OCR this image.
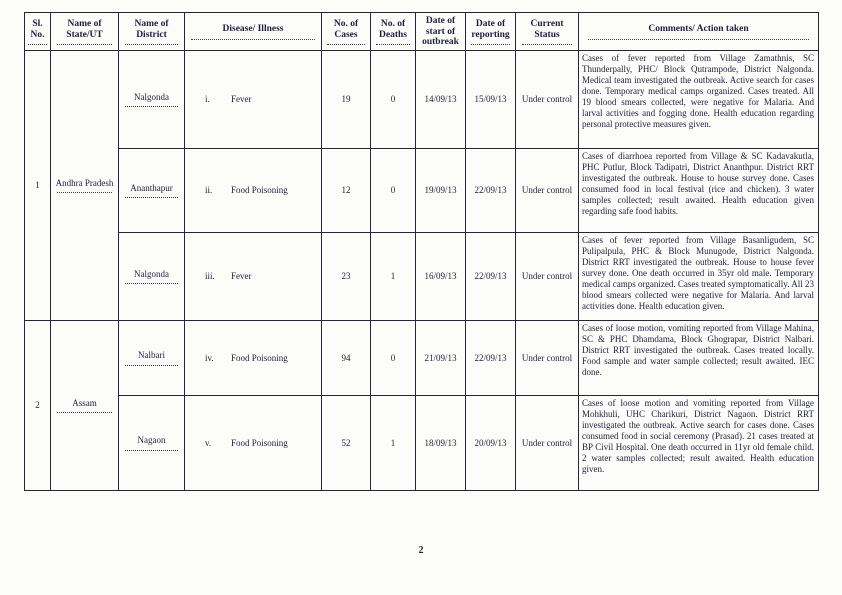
Sl. No.	Name of State/UT	Name of District	Disease/ Illness	No. of Cases	No. of Deaths	Date of start of outbreak	Date of reporting	Current Status	Comments/ Action taken

1	Andhra Pradesh	Nalgonda	i. Fever	19	0	14/09/13	15/09/13	Under control	Cases of fever reported from Village Zamathnis, SC Thunderpally, PHC/ Block Qutrampode, District Nalgonda. Medical team investigated the outbreak. Active search for cases done. Temporary medical camps organized. Cases treated. All 19 blood smears collected, were negative for Malaria. And larval activities and fogging done. Health education regarding personal protective measures given.
		Ananthapur	ii. Food Poisoning	12	0	19/09/13	22/09/13	Under control	Cases of diarrhoea reported from Village & SC Kadavakutla, PHC Putlur, Block Tadipatri, District Ananthpur. District RRT investigated the outbreak. House to house survey done. Cases consumed food in local festival (rice and chicken). 3 water samples collected; result awaited. Health education given regarding safe food habits.
		Nalgonda	iii. Fever	23	1	16/09/13	22/09/13	Under control	Cases of fever reported from Village Basanligudem, SC Pulipalpula, PHC & Block Munugode, District Nalgonda. District RRT investigated the outbreak. House to house fever survey done. One death occurred in 35yr old male. Temporary medical camps organized. Cases treated symptomatically. All 23 blood smears collected were negative for Malaria. And larval activities done. Health education given.
2	Assam	Nalbari	iv. Food Poisoning	94	0	21/09/13	22/09/13	Under control	Cases of loose motion, vomiting reported from Village Mahina, SC & PHC Dhamdama, Block Ghograpar, District Nalbari. District RRT investigated the outbreak. Cases treated locally. Food sample and water sample collected; result awaited. IEC done.
		Nagaon	v. Food Poisoning	52	1	18/09/13	20/09/13	Under control	Cases of loose motion and vomiting reported from Village Mohkhuli, UHC Charikuri, District Nagaon. District RRT investigated the outbreak. Active search for cases done. Cases consumed food in social ceremony (Prasad). 21 cases treated at BP Civil Hospital. One death occurred in 11yr old female child. 2 water samples collected; result awaited. Health education given.
2
